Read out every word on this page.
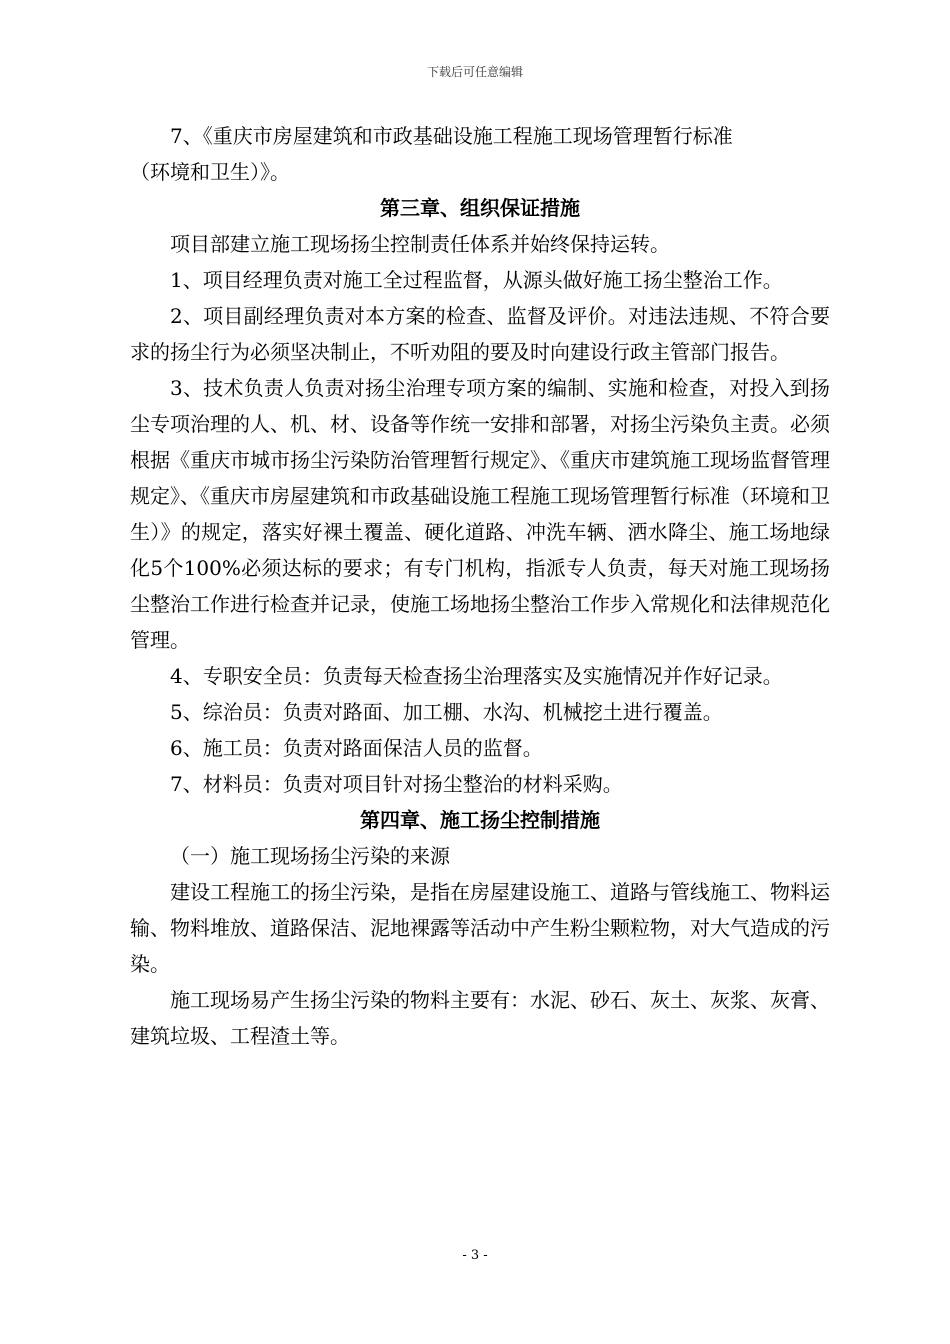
下载后可任意编辑

7、《重庆市房屋建筑和市政基础设施工程施工现场管理暂行标准

（环境和卫生）》。

第三章、组织保证措施

项目部建立施工现场扬尘控制责任体系并始终保持运转。

1、项目经理负责对施工全过程监督，从源头做好施工扬尘整治工作。

2、项目副经理负责对本方案的检查、监督及评价。对违法违规、不符合要求的扬尘行为必须坚决制止，不听劝阻的要及时向建设行政主管部门报告。

3、技术负责人负责对扬尘治理专项方案的编制、实施和检查，对投入到扬尘专项治理的人、机、材、设备等作统一安排和部署，对扬尘污染负主责。必须根据《重庆市城市扬尘污染防治管理暂行规定》、《重庆市建筑施工现场监督管理规定》、《重庆市房屋建筑和市政基础设施工程施工现场管理暂行标准（环境和卫生）》的规定，落实好裸土覆盖、硬化道路、冲洗车辆、洒水降尘、施工场地绿化5个100%必须达标的要求；有专门机构，指派专人负责，每天对施工现场扬尘整治工作进行检查并记录，使施工场地扬尘整治工作步入常规化和法律规范化管理。

4、专职安全员：负责每天检查扬尘治理落实及实施情况并作好记录。

5、综治员：负责对路面、加工棚、水沟、机械挖土进行覆盖。

6、施工员：负责对路面保洁人员的监督。

7、材料员：负责对项目针对扬尘整治的材料采购。

第四章、施工扬尘控制措施

（一）施工现场扬尘污染的来源

建设工程施工的扬尘污染，是指在房屋建设施工、道路与管线施工、物料运输、物料堆放、道路保洁、泥地裸露等活动中产生粉尘颗粒物，对大气造成的污染。

施工现场易产生扬尘污染的物料主要有：水泥、砂石、灰土、灰浆、灰膏、建筑垃圾、工程渣土等。

- 3 -
